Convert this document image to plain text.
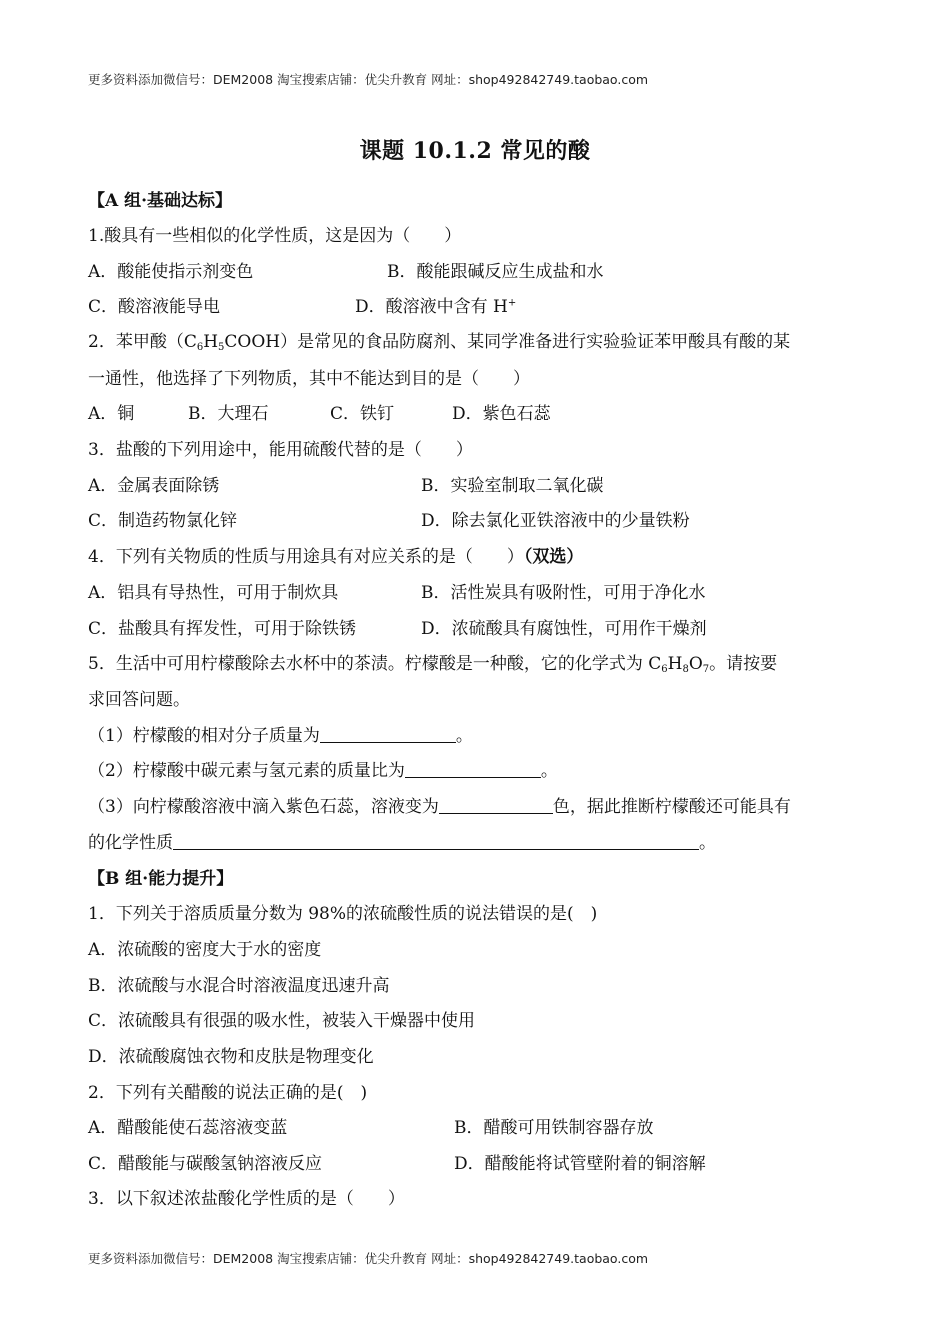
更多资料添加微信号：DEM2008 淘宝搜索店铺：优尖升教育 网址：shop492842749.taobao.com
课题 10.1.2 常见的酸
【A 组·基础达标】
1.酸具有一些相似的化学性质，这是因为（　　）
A．酸能使指示剂变色	B．酸能跟碱反应生成盐和水
C．酸溶液能导电	D．酸溶液中含有 H+
2．苯甲酸$(C_6H_5COOH)$是常见的食品防腐剂、某同学准备进行实验验证苯甲酸具有酸的某
一通性，他选择了下列物质，其中不能达到目的是（　　）
A．铜	B．大理石	C．铁钉	D．紫色石蕊
3．盐酸的下列用途中，能用硫酸代替的是（　　）
A．金属表面除锈	B．实验室制取二氧化碳
C．制造药物氯化锌	D．除去氯化亚铁溶液中的少量铁粉
4．下列有关物质的性质与用途具有对应关系的是（　　）（双选）
A．铝具有导热性，可用于制炊具	B．活性炭具有吸附性，可用于净化水
C．盐酸具有挥发性，可用于除铁锈	D．浓硫酸具有腐蚀性，可用作干燥剂
5．生活中可用柠檬酸除去水杯中的茶渍。柠檬酸是一种酸，它的化学式为 $C_6H_8O_7$。请按要
求回答问题。
（1）柠檬酸的相对分子质量为	。
（2）柠檬酸中碳元素与氢元素的质量比为	。
（3）向柠檬酸溶液中滴入紫色石蕊，溶液变为	色，据此推断柠檬酸还可能具有
的化学性质	。
【B 组·能力提升】
1．下列关于溶质质量分数为 98%的浓硫酸性质的说法错误的是(　)
A．浓硫酸的密度大于水的密度
B．浓硫酸与水混合时溶液温度迅速升高
C．浓硫酸具有很强的吸水性，被装入干燥器中使用
D．浓硫酸腐蚀衣物和皮肤是物理变化
2．下列有关醋酸的说法正确的是(　)
A．醋酸能使石蕊溶液变蓝	B．醋酸可用铁制容器存放
C．醋酸能与碳酸氢钠溶液反应	D．醋酸能将试管壁附着的铜溶解
3．以下叙述浓盐酸化学性质的是（　　）
更多资料添加微信号：DEM2008 淘宝搜索店铺：优尖升教育 网址：shop492842749.taobao.com
